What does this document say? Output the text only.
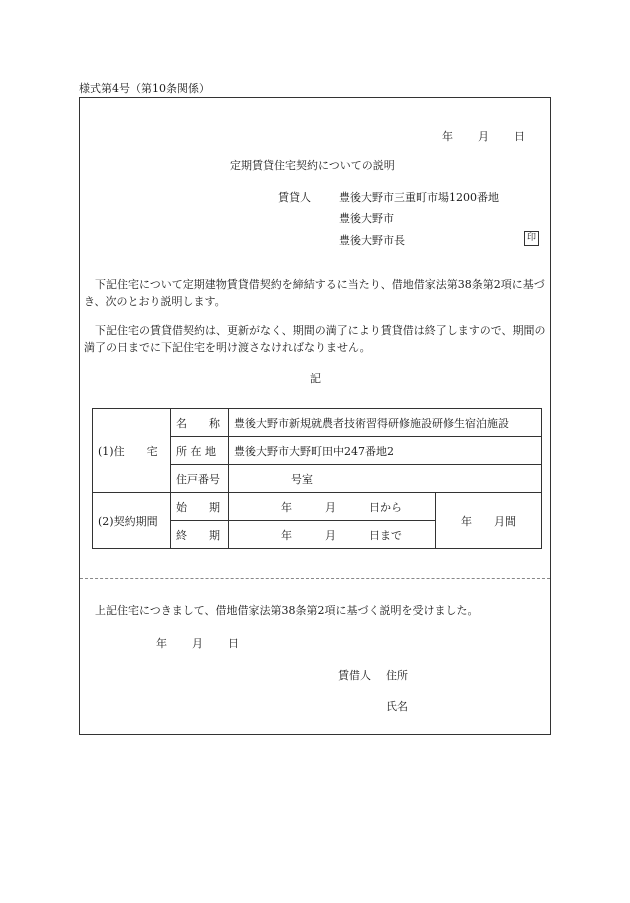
様式第4号（第10条関係）
年 月 日
定期賃貸住宅契約についての説明
賃貸人	豊後大野市三重町市場1200番地
豊後大野市
豊後大野市長	印
下記住宅について定期建物賃貸借契約を締結するに当たり、借地借家法第38条第2項に基づき、次のとおり説明します。
下記住宅の賃貸借契約は、更新がなく、期間の満了により賃貸借は終了しますので、期間の満了の日までに下記住宅を明け渡さなければなりません。
記
(1)住　　宅	名　　称	豊後大野市新規就農者技術習得研修施設研修生宿泊施設	
	所 在 地	豊後大野市大野町田中247番地2	
	住戸番号	号室	
(2)契約期間	始　　期	年　　　月　　　日から	年　　月間
	終　　期	年　　　月　　　日まで	
上記住宅につきまして、借地借家法第38条第2項に基づく説明を受けました。
年 月 日
賃借人 住所
氏名
